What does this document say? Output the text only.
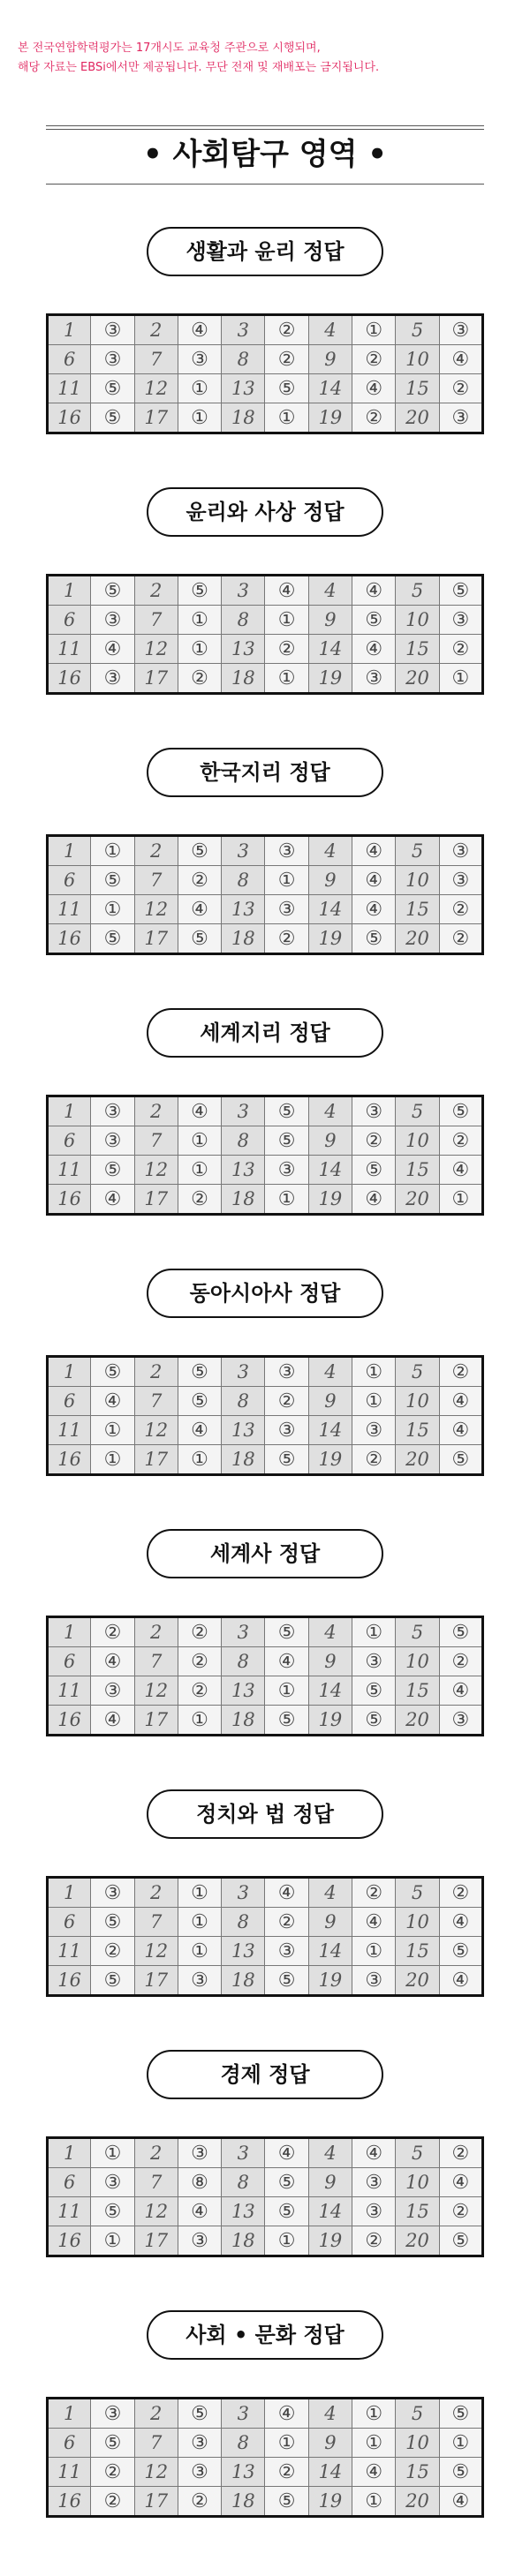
본 전국연합학력평가는 17개시도 교육청 주관으로 시행되며,
해당 자료는 EBSi에서만 제공됩니다. 무단 전재 및 재배포는 금지됩니다.
• 사회탐구 영역 •
생활과 윤리 정답
1	③	2	④	3	②	4	①	5	③
6	③	7	③	8	②	9	②	10	④
11	⑤	12	①	13	⑤	14	④	15	②
16	⑤	17	①	18	①	19	②	20	③
윤리와 사상 정답
1	⑤	2	⑤	3	④	4	④	5	⑤
6	③	7	①	8	①	9	⑤	10	③
11	④	12	①	13	②	14	④	15	②
16	③	17	②	18	①	19	③	20	①
한국지리 정답
1	①	2	⑤	3	③	4	④	5	③
6	⑤	7	②	8	①	9	④	10	③
11	①	12	④	13	③	14	④	15	②
16	⑤	17	⑤	18	②	19	⑤	20	②
세계지리 정답
1	③	2	④	3	⑤	4	③	5	⑤
6	③	7	①	8	⑤	9	②	10	②
11	⑤	12	①	13	③	14	⑤	15	④
16	④	17	②	18	①	19	④	20	①
동아시아사 정답
1	⑤	2	⑤	3	③	4	①	5	②
6	④	7	⑤	8	②	9	①	10	④
11	①	12	④	13	③	14	③	15	④
16	①	17	①	18	⑤	19	②	20	⑤
세계사 정답
1	②	2	②	3	⑤	4	①	5	⑤
6	④	7	②	8	④	9	③	10	②
11	③	12	②	13	①	14	⑤	15	④
16	④	17	①	18	⑤	19	⑤	20	③
정치와 법 정답
1	③	2	①	3	④	4	②	5	②
6	⑤	7	①	8	②	9	④	10	④
11	②	12	①	13	③	14	①	15	⑤
16	⑤	17	③	18	⑤	19	③	20	④
경제 정답
1	①	2	③	3	④	4	④	5	②
6	③	7	⑧	8	⑤	9	③	10	④
11	⑤	12	④	13	⑤	14	③	15	②
16	①	17	③	18	①	19	②	20	⑤
사회 • 문화 정답
1	③	2	⑤	3	④	4	①	5	⑤
6	⑤	7	③	8	①	9	①	10	①
11	②	12	③	13	②	14	④	15	⑤
16	②	17	②	18	⑤	19	①	20	④
